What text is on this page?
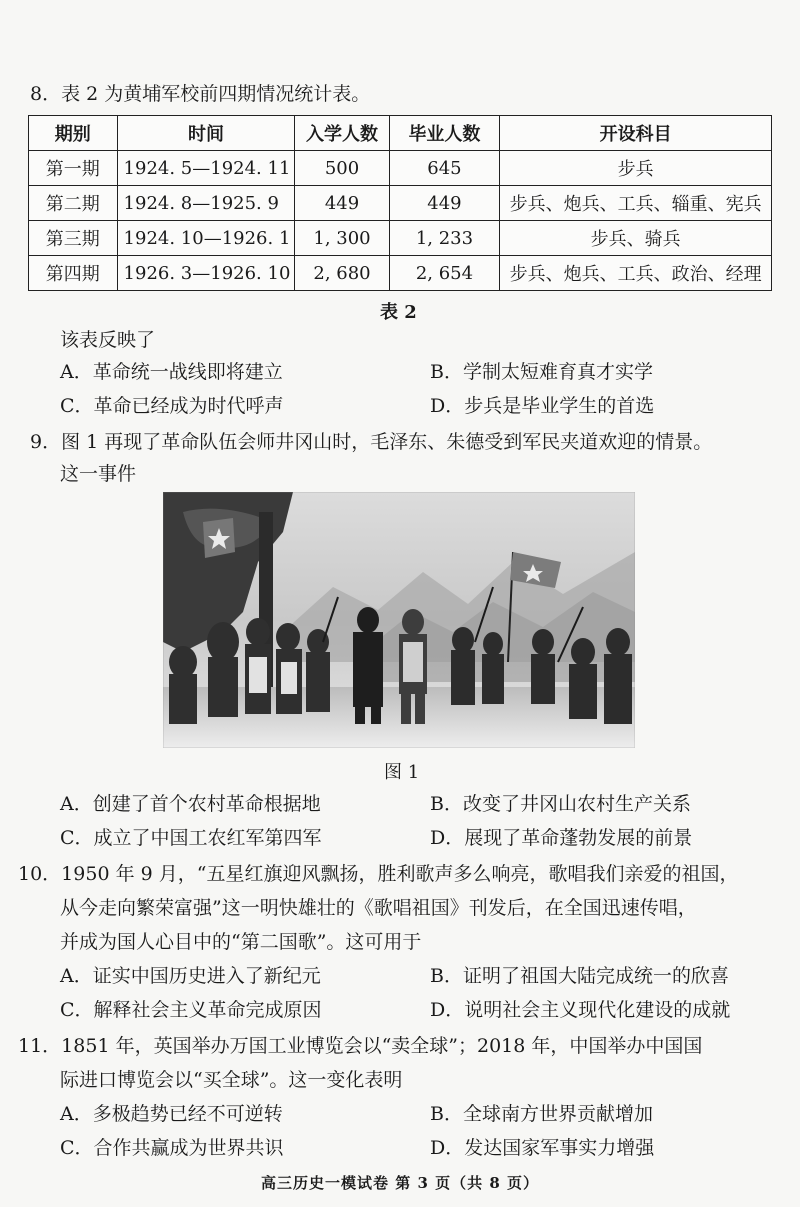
8．表 2 为黄埔军校前四期情况统计表。
期别	时间	入学人数	毕业人数	开设科目
第一期	1924. 5—1924. 11	500	645	步兵
第二期	1924. 8—1925. 9	449	449	步兵、炮兵、工兵、辎重、宪兵
第三期	1924. 10—1926. 1	1, 300	1, 233	步兵、骑兵
第四期	1926. 3—1926. 10	2, 680	2, 654	步兵、炮兵、工兵、政治、经理
表 2
该表反映了
A．革命统一战线即将建立	B．学制太短难育真才实学
C．革命已经成为时代呼声	D．步兵是毕业学生的首选
9．图 1 再现了革命队伍会师井冈山时，毛泽东、朱德受到军民夹道欢迎的情景。
这一事件
图 1
A．创建了首个农村革命根据地	B．改变了井冈山农村生产关系
C．成立了中国工农红军第四军	D．展现了革命蓬勃发展的前景
10．1950 年 9 月，“五星红旗迎风飘扬，胜利歌声多么响亮，歌唱我们亲爱的祖国，
从今走向繁荣富强”这一明快雄壮的《歌唱祖国》刊发后，在全国迅速传唱，
并成为国人心目中的“第二国歌”。这可用于
A．证实中国历史进入了新纪元	B．证明了祖国大陆完成统一的欣喜
C．解释社会主义革命完成原因	D．说明社会主义现代化建设的成就
11．1851 年，英国举办万国工业博览会以“卖全球”；2018 年，中国举办中国国
际进口博览会以“买全球”。这一变化表明
A．多极趋势已经不可逆转	B．全球南方世界贡献增加
C．合作共赢成为世界共识	D．发达国家军事实力增强
高三历史一模试卷 第 3 页（共 8 页）
